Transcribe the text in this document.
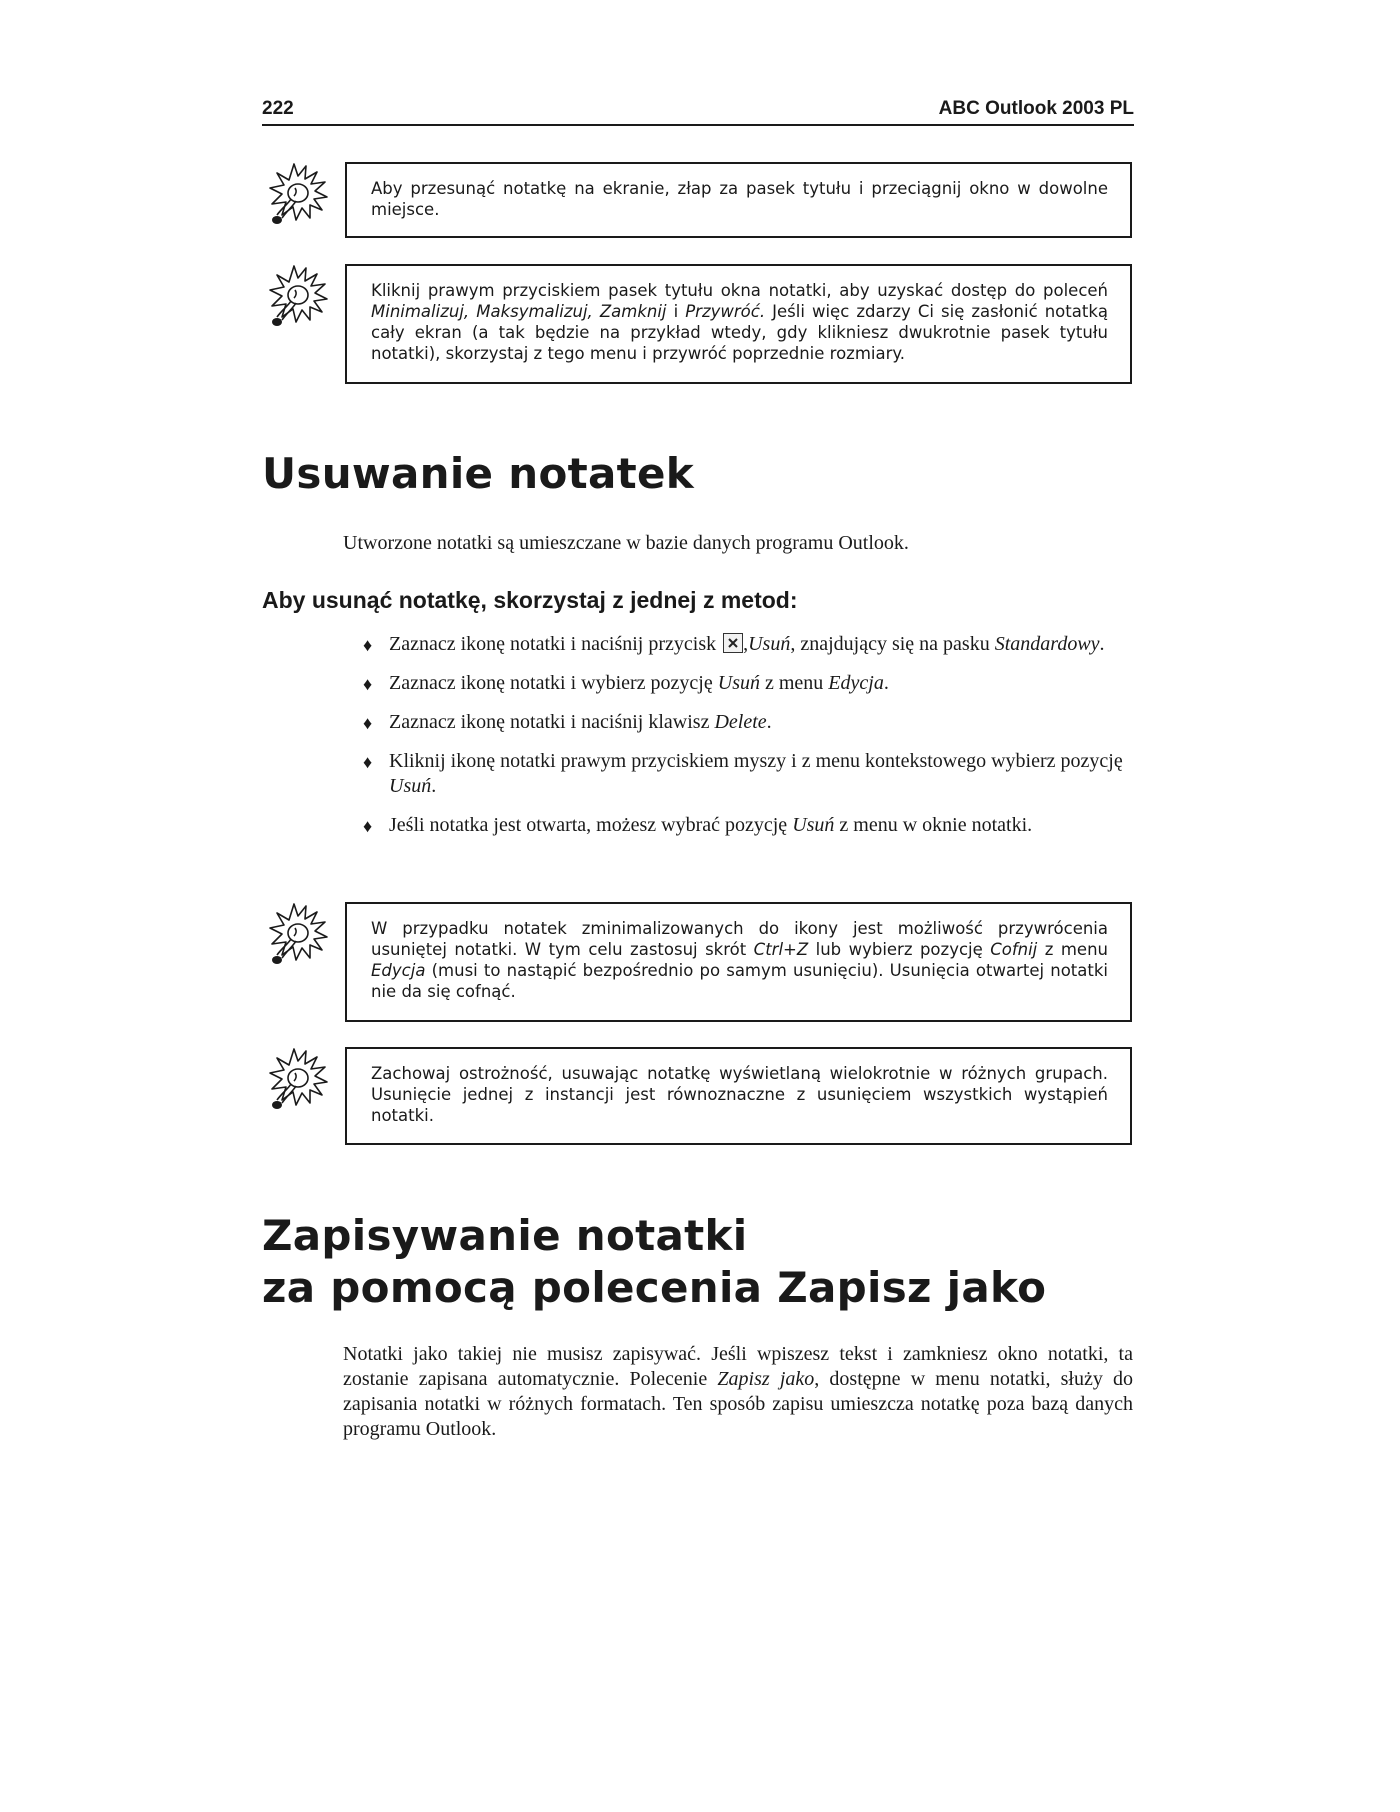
222	ABC Outlook 2003 PL
Aby przesunąć notatkę na ekranie, złap za pasek tytułu i przeciągnij okno w dowolne miejsce.
Kliknij prawym przyciskiem pasek tytułu okna notatki, aby uzyskać dostęp do poleceń Minimalizuj, Maksymalizuj, Zamknij i Przywróć. Jeśli więc zdarzy Ci się zasłonić notatką cały ekran (a tak będzie na przykład wtedy, gdy klikniesz dwukrotnie pasek tytułu notatki), skorzystaj z tego menu i przywróć poprzednie rozmiary.
Usuwanie notatek

Utworzone notatki są umieszczane w bazie danych programu Outlook.

Aby usunąć notatkę, skorzystaj z jednej z metod:
♦ Zaznacz ikonę notatki i naciśnij przycisk
,Usuń, znajdujący się na pasku Standardowy.
♦ Zaznacz ikonę notatki i wybierz pozycję Usuń z menu Edycja.
♦ Zaznacz ikonę notatki i naciśnij klawisz Delete.
♦ Kliknij ikonę notatki prawym przyciskiem myszy i z menu kontekstowego wybierz pozycję Usuń.
♦ Jeśli notatka jest otwarta, możesz wybrać pozycję Usuń z menu w oknie notatki.
W przypadku notatek zminimalizowanych do ikony jest możliwość przywrócenia usuniętej notatki. W tym celu zastosuj skrót Ctrl+Z lub wybierz pozycję Cofnij z menu Edycja (musi to nastąpić bezpośrednio po samym usunięciu). Usunięcia otwartej notatki nie da się cofnąć.
Zachowaj ostrożność, usuwając notatkę wyświetlaną wielokrotnie w różnych grupach. Usunięcie jednej z instancji jest równoznaczne z usunięciem wszystkich wystąpień notatki.
Zapisywanie notatki
za pomocą polecenia Zapisz jako

Notatki jako takiej nie musisz zapisywać. Jeśli wpiszesz tekst i zamkniesz okno notatki, ta zostanie zapisana automatycznie. Polecenie Zapisz jako, dostępne w menu notatki, służy do zapisania notatki w różnych formatach. Ten sposób zapisu umieszcza notatkę poza bazą danych programu Outlook.
